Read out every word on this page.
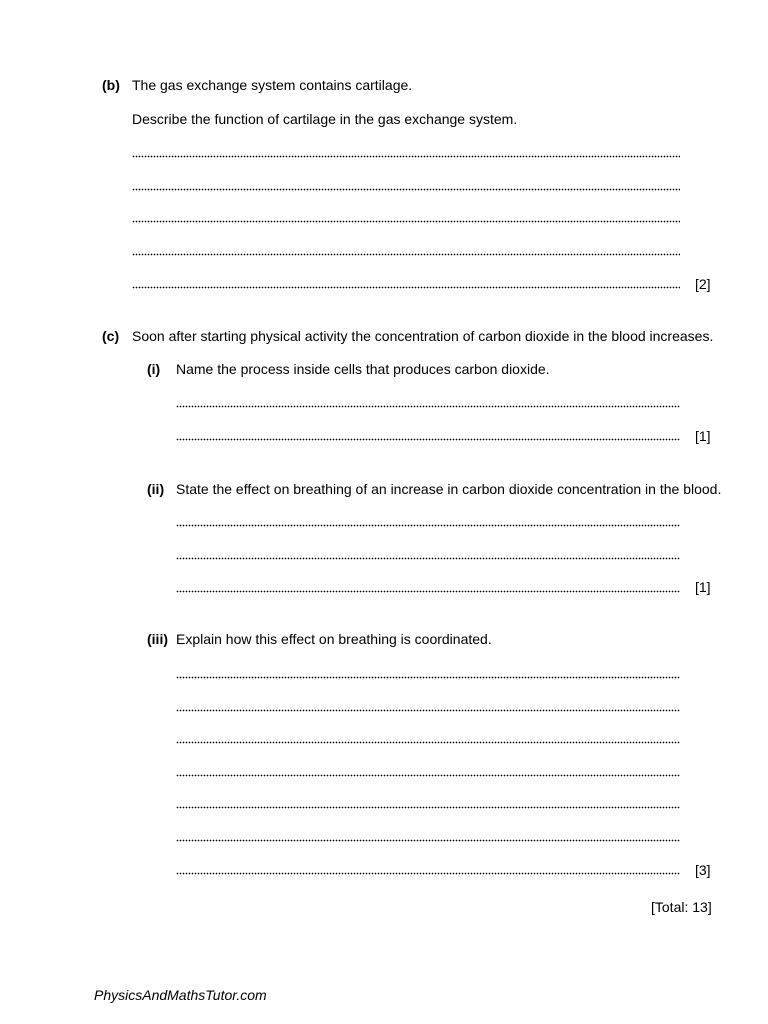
(b) The gas exchange system contains cartilage.
Describe the function of cartilage in the gas exchange system.
[2]
(c) Soon after starting physical activity the concentration of carbon dioxide in the blood increases.
(i) Name the process inside cells that produces carbon dioxide.
[1]
(ii) State the effect on breathing of an increase in carbon dioxide concentration in the blood.
[1]
(iii) Explain how this effect on breathing is coordinated.
[3]
[Total: 13]
PhysicsAndMathsTutor.com
